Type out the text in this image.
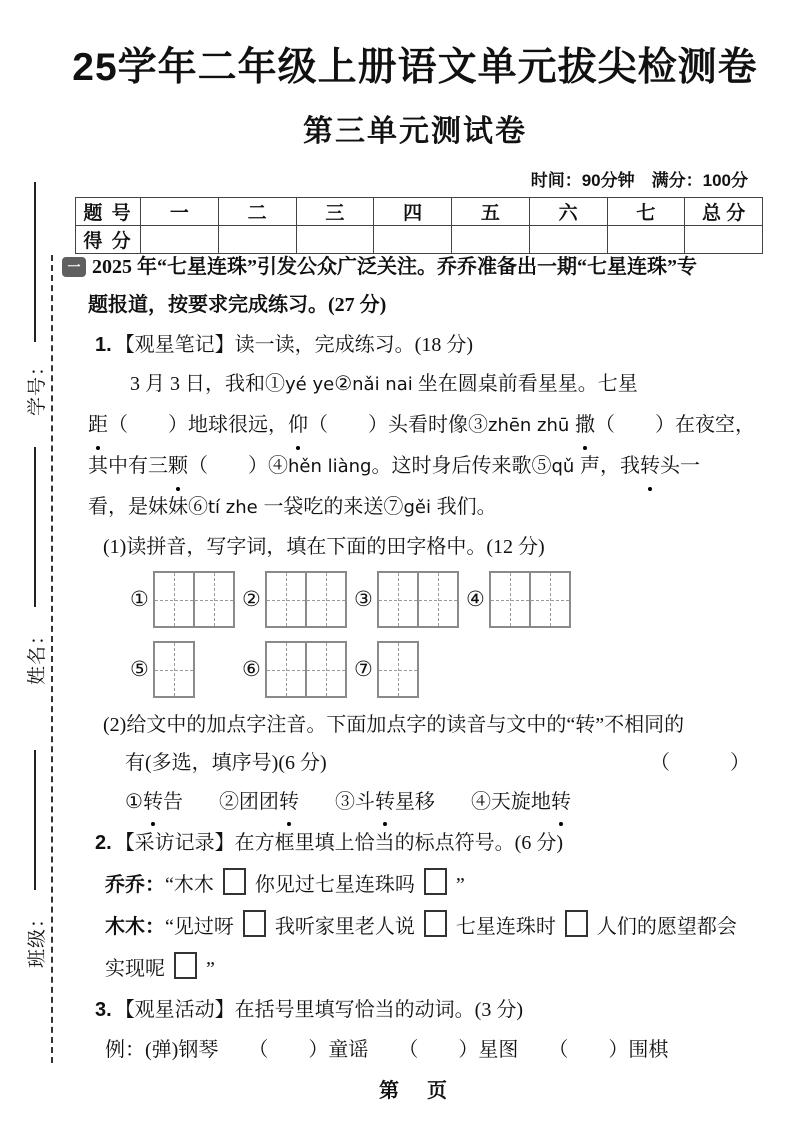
学号：
姓名：
班级：
25学年二年级上册语文单元拔尖检测卷
第三单元测试卷
时间：90分钟　满分：100分
题 号	一	二	三	四	五	六	七	总 分
得 分								
一 2025 年“七星连珠”引发公众广泛关注。乔乔准备出一期“七星连珠”专
题报道，按要求完成练习。(27 分)
1. 【观星笔记】读一读，完成练习。(18 分)
3 月 3 日，我和①yé ye②nǎi nai 坐在圆桌前看星星。七星
距（　　）地球很远，仰（　　）头看时像③zhēn zhū 撒（　　）在夜空，
其中有三颗（　　）④hěn liàng。这时身后传来歌⑤qǔ 声，我转头一
看，是妹妹⑥tí zhe 一袋吃的来送⑦gěi 我们。
(1)读拼音，写字词，填在下面的田字格中。(12 分)
①	②	③	④
⑤	⑥	⑦
(2)给文中的加点字注音。下面加点字的读音与文中的“转”不相同的
有(多选，填序号)(6 分)	（　　　）
①转告 ②团团转 ③斗转星移 ④天旋地转
2. 【采访记录】在方框里填上恰当的标点符号。(6 分)
乔乔：“木木 你见过七星连珠吗 ”
木木：“见过呀 我听家里老人说 七星连珠时 人们的愿望都会
实现呢 ”
3. 【观星活动】在括号里填写恰当的动词。(3 分)
例：(弹)钢琴　　（　　）童谣　　（　　）星图　　（　　）围棋
第　页
